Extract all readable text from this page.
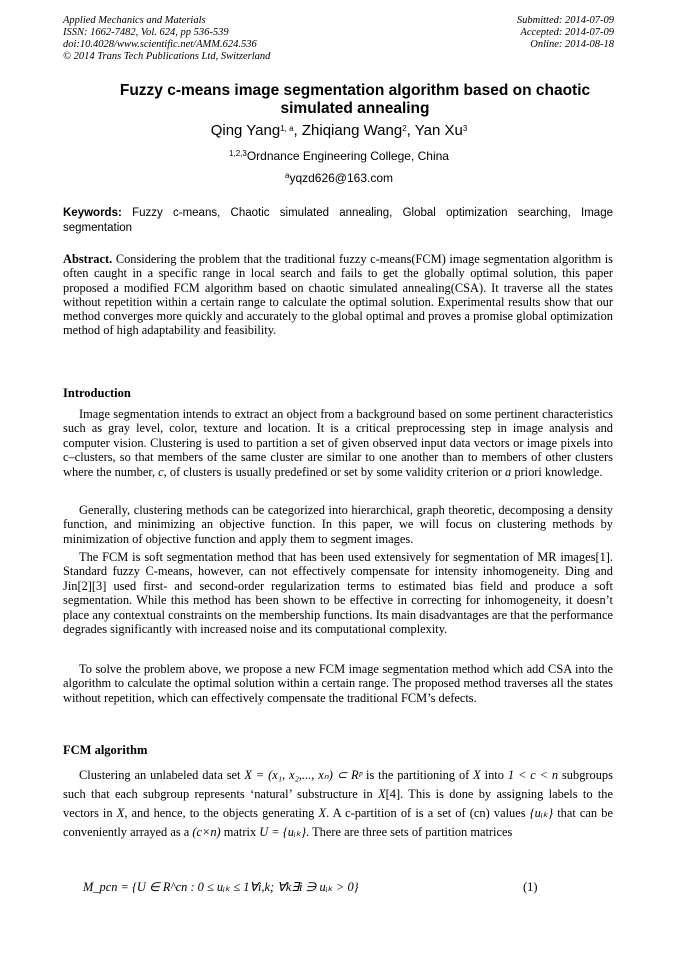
Applied Mechanics and Materials
ISSN: 1662-7482, Vol. 624, pp 536-539
doi:10.4028/www.scientific.net/AMM.624.536
© 2014 Trans Tech Publications Ltd, Switzerland
Submitted: 2014-07-09
Accepted: 2014-07-09
Online: 2014-08-18
Fuzzy c-means image segmentation algorithm based on chaotic simulated annealing
Qing Yang$^{1, a}$, Zhiqiang Wang$^2$, Yan Xu$^3$
$^{1,2,3}$Ordnance Engineering College, China
$^a$yqzd626@163.com
Keywords: Fuzzy c-means, Chaotic simulated annealing, Global optimization searching, Image segmentation
Abstract. Considering the problem that the traditional fuzzy c-means(FCM) image segmentation algorithm is often caught in a specific range in local search and fails to get the globally optimal solution, this paper proposed a modified FCM algorithm based on chaotic simulated annealing(CSA). It traverse all the states without repetition within a certain range to calculate the optimal solution. Experimental results show that our method converges more quickly and accurately to the global optimal and proves a promise global optimization method of high adaptability and feasibility.
Introduction

Image segmentation intends to extract an object from a background based on some pertinent characteristics such as gray level, color, texture and location. It is a critical preprocessing step in image analysis and computer vision. Clustering is used to partition a set of given observed input data vectors or image pixels into c–clusters, so that members of the same cluster are similar to one another than to members of other clusters where the number, c, of clusters is usually predefined or set by some validity criterion or a priori knowledge.

Generally, clustering methods can be categorized into hierarchical, graph theoretic, decomposing a density function, and minimizing an objective function. In this paper, we will focus on clustering methods by minimization of objective function and apply them to segment images.

The FCM is soft segmentation method that has been used extensively for segmentation of MR images[1]. Standard fuzzy C-means, however, can not effectively compensate for intensity inhomogeneity. Ding and Jin[2][3] used first- and second-order regularization terms to estimated bias field and produce a soft segmentation. While this method has been shown to be effective in correcting for inhomogeneity, it doesn’t place any contextual constraints on the membership functions. Its main disadvantages are that the performance degrades significantly with increased noise and its computational complexity.

To solve the problem above, we propose a new FCM image segmentation method which add CSA into the algorithm to calculate the optimal solution within a certain range. The proposed method traverses all the states without repetition, which can effectively compensate the traditional FCM’s defects.

FCM algorithm

Clustering an unlabeled data set X = (x₁, x₂,..., xₙ) ⊂ Rᵖ is the partitioning of X into 1 < c < n subgroups such that each subgroup represents ‘natural’ substructure in X[4]. This is done by assigning labels to the vectors in X, and hence, to the objects generating X. A c-partition of is a set of (cn) values {uᵢₖ} that can be conveniently arrayed as a (c×n) matrix U = {uᵢₖ}. There are three sets of partition matrices

M_pcn = {U ∈ R^cn : 0 ≤ uᵢₖ ≤ 1∀i,k; ∀k∃i ∋ uᵢₖ > 0}	(1)
